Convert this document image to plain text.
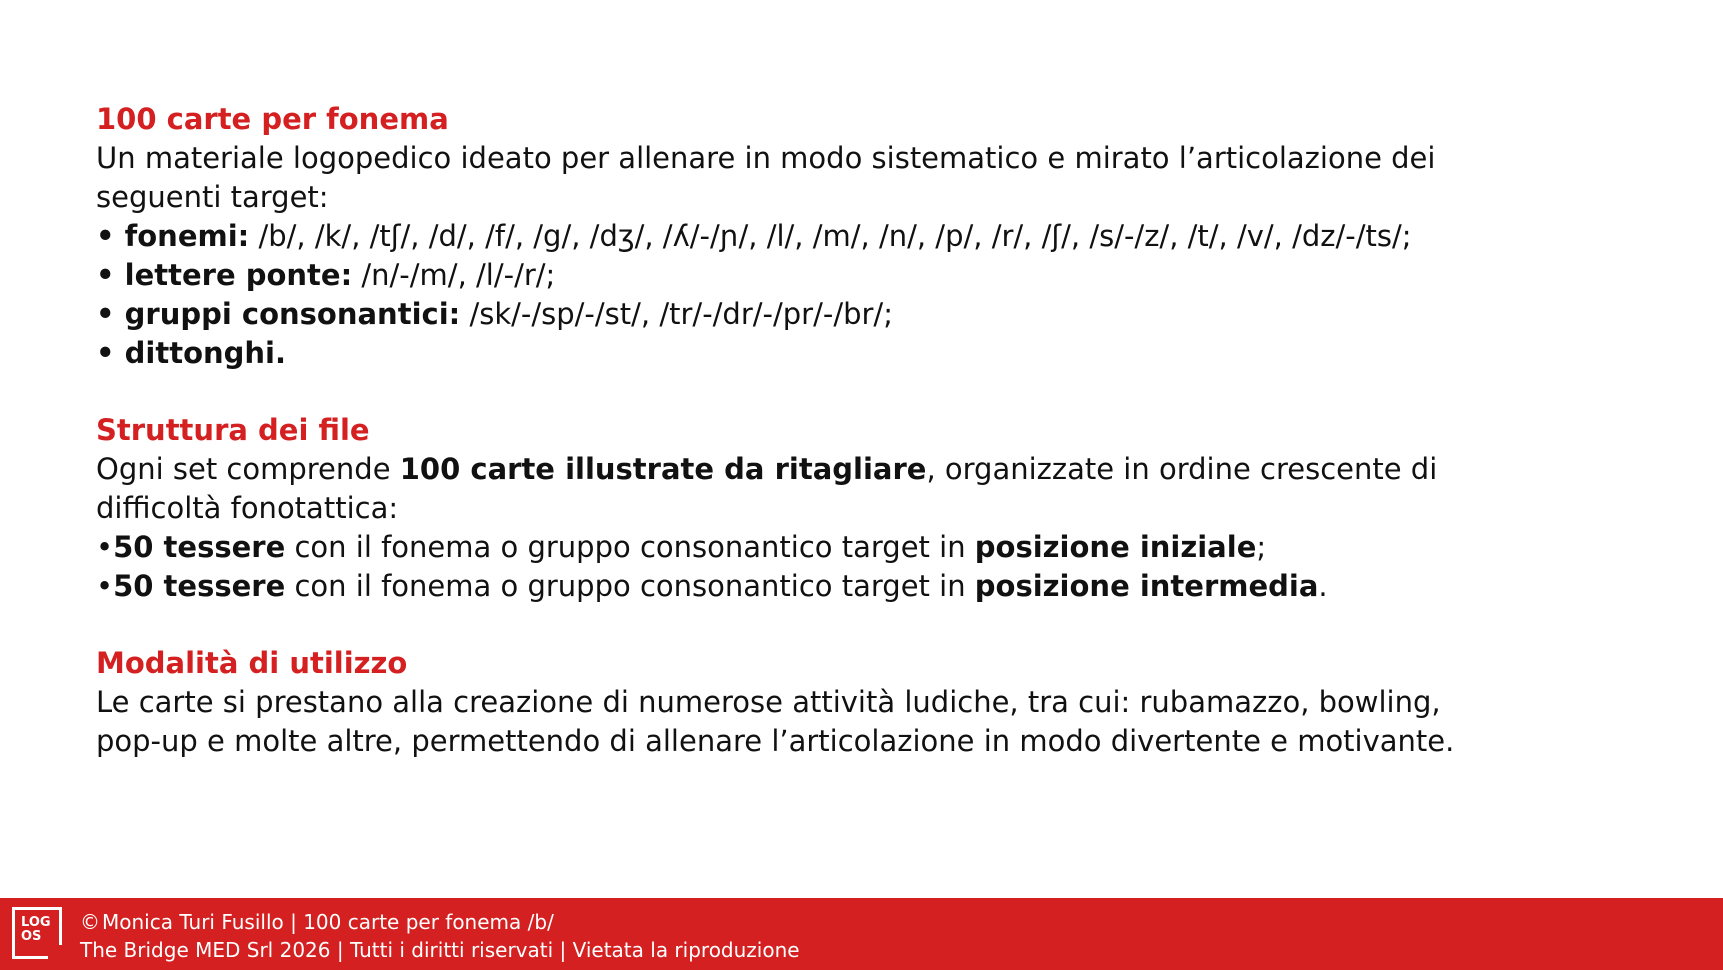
100 carte per fonema

Un materiale logopedico ideato per allenare in modo sistematico e mirato l’articolazione dei

seguenti target:

• fonemi: /b/, /k/, /tʃ/, /d/, /f/, /g/, /dʒ/, /ʎ/-/ɲ/, /l/, /m/, /n/, /p/, /r/, /ʃ/, /s/-/z/, /t/, /v/, /dz/-/ts/;

• lettere ponte: /n/-/m/, /l/-/r/;

• gruppi consonantici: /sk/-/sp/-/st/, /tr/-/dr/-/pr/-/br/;

• dittonghi.

Struttura dei file

Ogni set comprende 100 carte illustrate da ritagliare, organizzate in ordine crescente di

difficoltà fonotattica:

•50 tessere con il fonema o gruppo consonantico target in posizione iniziale;

•50 tessere con il fonema o gruppo consonantico target in posizione intermedia.

Modalità di utilizzo

Le carte si prestano alla creazione di numerose attività ludiche, tra cui: rubamazzo, bowling,

pop-up e molte altre, permettendo di allenare l’articolazione in modo divertente e motivante.

LOG
OS
© Monica Turi Fusillo | 100 carte per fonema /b/
The Bridge MED Srl 2026 | Tutti i diritti riservati | Vietata la riproduzione
